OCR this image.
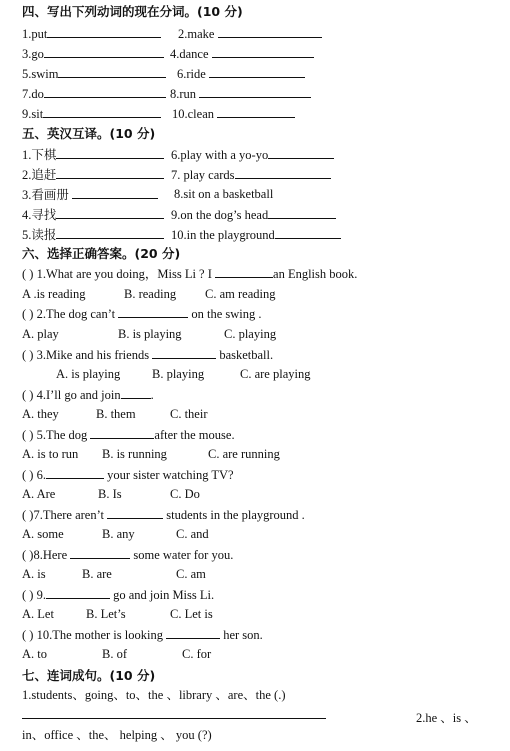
四、写出下列动词的现在分词。(10 分)
1.put	2.make
3.go	4.dance
5.swim	6.ride
7.do	8.run
9.sit	10.clean
五、英汉互译。(10 分)
1.下棋	6.play with a yo-yo
2.追赶	7. play cards
3.看画册	8.sit on a basketball
4.寻找	9.on the dog’s head
5.读报	10.in the playground
六、选择正确答案。(20 分)
( ) 1.What are you doing，Miss Li ? I	an English book.
A .is reading	B. reading C. am reading
( ) 2.The dog can’t	on the swing .
A. play	B. is playing	C. playing
( ) 3.Mike and his friends	basketball.
A. is playing	B. playing	C. are playing
( ) 4.I’ll go and join .
A. they	B. them	C. their
( ) 5.The dog	after the mouse.
A. is to run B. is running	C. are running
( ) 6.	your sister watching TV?
A. Are	B. Is	C. Do
( )7.There aren’t	students in the playground .
A. some	B. any	C. and
( )8.Here	some water for you.
A. is	B. are	C. am
( ) 9.	go and join Miss Li.
A. Let	B. Let’s	C. Let is
( ) 10.The mother is looking	her son.
A. to	B. of	C. for
七、连词成句。(10 分)
1.students、going、to、the 、library 、are、the (.)
2.he 、is 、
in、office 、the、 helping 、 you (?)
